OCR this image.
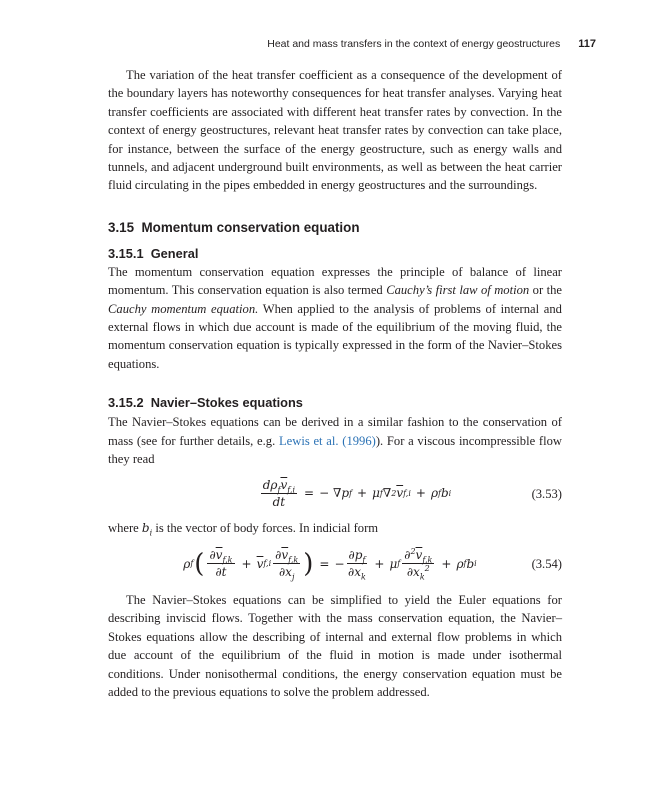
Heat and mass transfers in the context of energy geostructures 117

The variation of the heat transfer coefficient as a consequence of the development of the boundary layers has noteworthy consequences for heat transfer analyses. Varying heat transfer coefficients are associated with different heat transfer rates by convection. In the context of energy geostructures, relevant heat transfer rates by convection can take place, for instance, between the surface of the energy geostructure, such as energy walls and tunnels, and adjacent underground built environments, as well as between the heat carrier fluid circulating in the pipes embedded in energy geostructures and the surroundings.

3.15 Momentum conservation equation
3.15.1 General

The momentum conservation equation expresses the principle of balance of linear momentum. This conservation equation is also termed Cauchy’s first law of motion or the Cauchy momentum equation. When applied to the analysis of problems of internal and external flows in which due account is made of the equilibrium of the moving fluid, the momentum conservation equation is typically expressed in the form of the Navier–Stokes equations.

3.15.2 Navier–Stokes equations

The Navier–Stokes equations can be derived in a similar fashion to the conservation of mass (see for further details, e.g. Lewis et al. (1996)). For a viscous incompressible flow they read

$\frac{d\rho_f\overline{v}_{f,i}}{dt}$ = − ∇p f + μ f ∇ 2 $\overline{v}$ f,i + ρ f b i	(3.53)

where $b_i$ is the vector of body forces. In indicial form

ρ f ( $\frac{\partial\overline{v}_{f,k}}{\partial t} + \overline{v}$ $f,i \frac{\partial\overline{v}_{f,k}}{\partial x_j}$ ) = − $\frac{\partial p_f}{\partial x_k} + \mu$ f $\frac{\partial^2\overline{v}_{f,k}}{\partial x_k^2} + \rho$ f b i	(3.54)

The Navier–Stokes equations can be simplified to yield the Euler equations for describing inviscid flows. Together with the mass conservation equation, the Navier–Stokes equations allow the describing of internal and external flow problems in which due account of the equilibrium of the fluid in motion is made under isothermal conditions. Under nonisothermal conditions, the energy conservation equation must be added to the previous equations to solve the problem addressed.
